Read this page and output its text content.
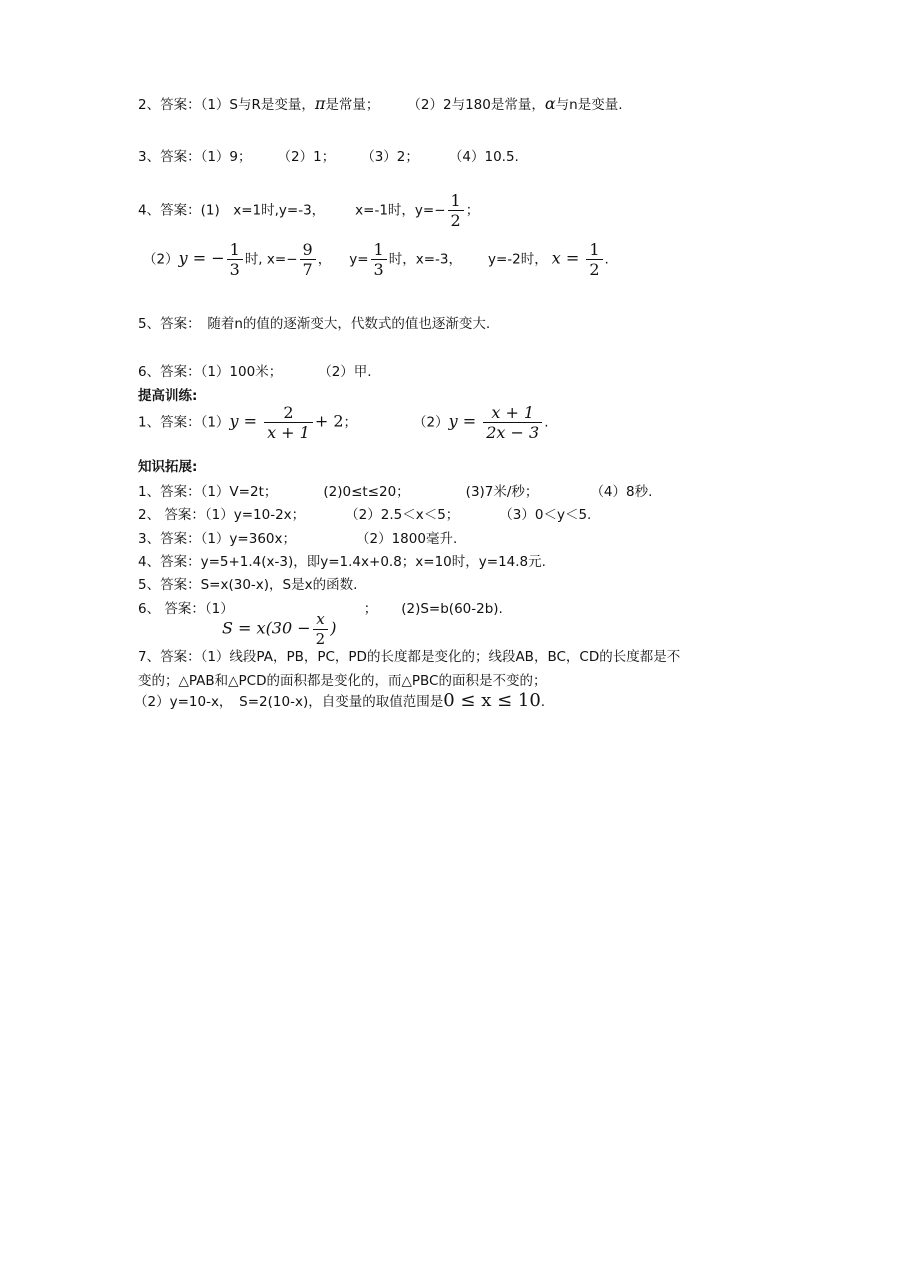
2、答案：（1）S与R是变量，π是常量； （2）2与180是常量，α与n是变量.
3、答案：（1）9； （2）1； （3）2； （4）10.5.
4、答案：(1)　x=1时,y=-3， x=-1时，$y=- \frac{1}{2}$ ；
（2）y = − $\frac{1}{3}$ 时, $x=- \frac{9}{7}$ ， $y= \frac{1}{3}$ 时，x=-3， y=-2时， $x = \frac{1}{2}$ .
5、答案：　随着n的值的逐渐变大，代数式的值也逐渐变大.
6、答案：（1）100米；	（2）甲.
提高训练:
1、答案：$(1)y = \frac{2}{x + 1} + 2$；	$(2)y = \frac{x + 1}{2x - 3}$ .
知识拓展:
1、答案：（1）V=2t；	(2)0≤t≤20；	(3)7米/秒；	（4）8秒.
2、 答案：（1）y=10-2x；	（2）2.5＜x＜5；	（3）0＜y＜5.
3、答案：（1）y=360x；	（2）1800毫升.
4、答案：y=5+1.4(x-3)，即y=1.4x+0.8；x=10时，y=14.8元.
5、答案：S=x(30-x)，S是x的函数.
6、 答案：（1）	； (2)S=b(60-2b).
$S = x(30 - \frac{x}{2}$ )
7、答案：（1）线段PA，PB，PC，PD的长度都是变化的；线段AB，BC，CD的长度都是不
变的；△PAB和△PCD的面积都是变化的，而△PBC的面积是不变的；
（2）y=10-x，　S=2(10-x)，自变量的取值范围是0 ≤ x ≤ 10.
